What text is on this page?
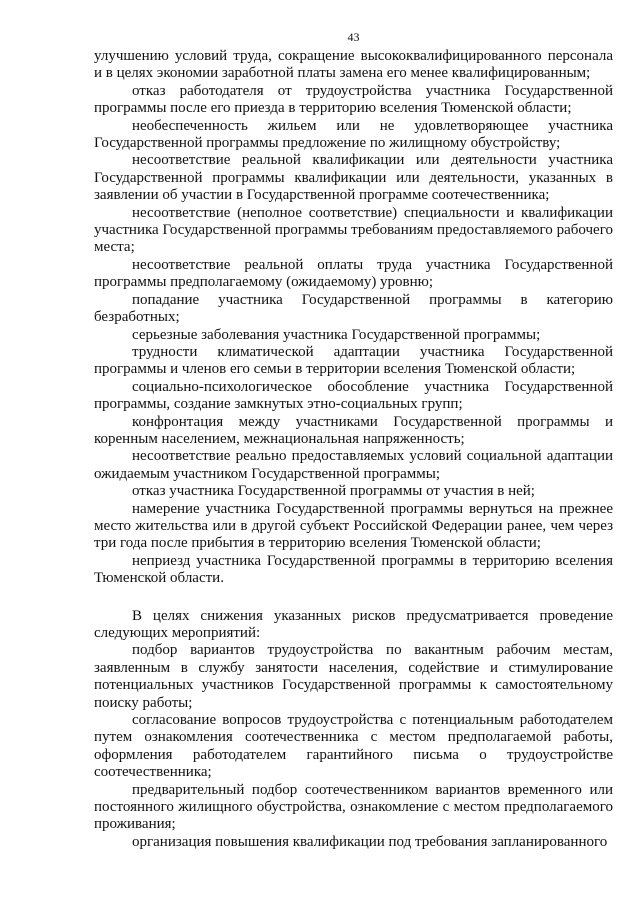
43

улучшению условий труда, сокращение высококвалифицированного персонала и в целях экономии заработной платы замена его менее квалифицированным;

отказ работодателя от трудоустройства участника Государственной программы после его приезда в территорию вселения Тюменской области;

необеспеченность жильем или не удовлетворяющее участника Государственной программы предложение по жилищному обустройству;

несоответствие реальной квалификации или деятельности участника Государственной программы квалификации или деятельности, указанных в заявлении об участии в Государственной программе соотечественника;

несоответствие (неполное соответствие) специальности и квалификации участника Государственной программы требованиям предоставляемого рабочего места;

несоответствие реальной оплаты труда участника Государственной программы предполагаемому (ожидаемому) уровню;

попадание участника Государственной программы в категорию безработных;

серьезные заболевания участника Государственной программы;

трудности климатической адаптации участника Государственной программы и членов его семьи в территории вселения Тюменской области;

социально-психологическое обособление участника Государственной программы, создание замкнутых этно-социальных групп;

конфронтация между участниками Государственной программы и коренным населением, межнациональная напряженность;

несоответствие реально предоставляемых условий социальной адаптации ожидаемым участником Государственной программы;

отказ участника Государственной программы от участия в ней;

намерение участника Государственной программы вернуться на прежнее место жительства или в другой субъект Российской Федерации ранее, чем через три года после прибытия в территорию вселения Тюменской области;

неприезд участника Государственной программы в территорию вселения Тюменской области.

В целях снижения указанных рисков предусматривается проведение следующих мероприятий:

подбор вариантов трудоустройства по вакантным рабочим местам, заявленным в службу занятости населения, содействие и стимулирование потенциальных участников Государственной программы к самостоятельному поиску работы;

согласование вопросов трудоустройства с потенциальным работодателем путем ознакомления соотечественника с местом предполагаемой работы, оформления работодателем гарантийного письма о трудоустройстве соотечественника;

предварительный подбор соотечественником вариантов временного или постоянного жилищного обустройства, ознакомление с местом предполагаемого проживания;

организация повышения квалификации под требования запланированного
